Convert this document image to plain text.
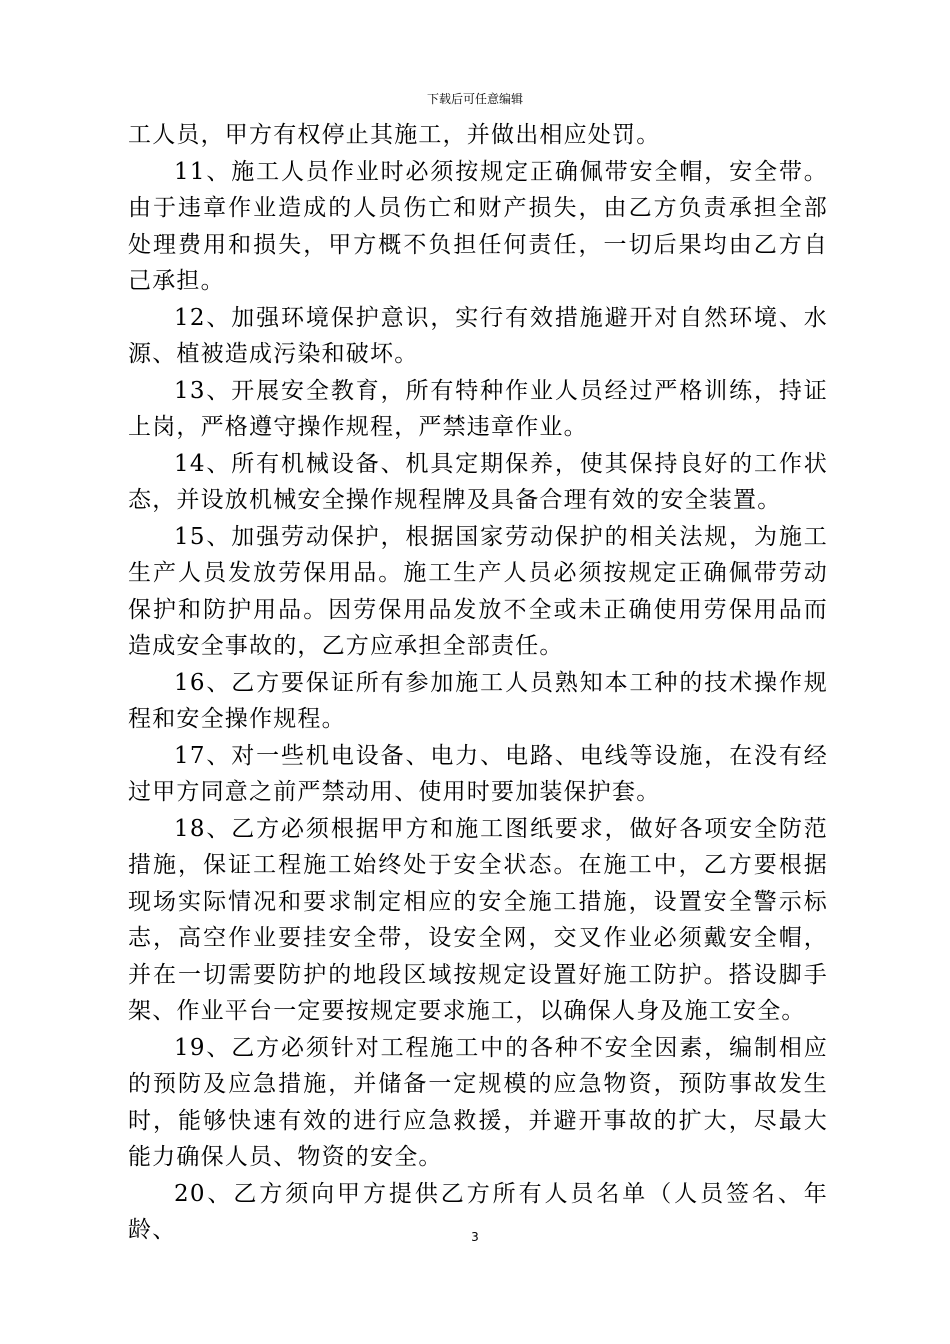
下载后可任意编辑

工人员，甲方有权停止其施工，并做出相应处罚。

11、施工人员作业时必须按规定正确佩带安全帽，安全带。由于违章作业造成的人员伤亡和财产损失，由乙方负责承担全部处理费用和损失，甲方概不负担任何责任，一切后果均由乙方自己承担。

12、加强环境保护意识，实行有效措施避开对自然环境、水源、植被造成污染和破坏。

13、开展安全教育，所有特种作业人员经过严格训练，持证上岗，严格遵守操作规程，严禁违章作业。

14、所有机械设备、机具定期保养，使其保持良好的工作状态，并设放机械安全操作规程牌及具备合理有效的安全装置。

15、加强劳动保护，根据国家劳动保护的相关法规，为施工生产人员发放劳保用品。施工生产人员必须按规定正确佩带劳动保护和防护用品。因劳保用品发放不全或未正确使用劳保用品而造成安全事故的，乙方应承担全部责任。

16、乙方要保证所有参加施工人员熟知本工种的技术操作规程和安全操作规程。

17、对一些机电设备、电力、电路、电线等设施，在没有经过甲方同意之前严禁动用、使用时要加装保护套。

18、乙方必须根据甲方和施工图纸要求，做好各项安全防范措施，保证工程施工始终处于安全状态。在施工中，乙方要根据现场实际情况和要求制定相应的安全施工措施，设置安全警示标志，高空作业要挂安全带，设安全网，交叉作业必须戴安全帽，并在一切需要防护的地段区域按规定设置好施工防护。搭设脚手架、作业平台一定要按规定要求施工，以确保人身及施工安全。

19、乙方必须针对工程施工中的各种不安全因素，编制相应的预防及应急措施，并储备一定规模的应急物资，预防事故发生时，能够快速有效的进行应急救援，并避开事故的扩大，尽最大能力确保人员、物资的安全。

20、乙方须向甲方提供乙方所有人员名单（人员签名、年龄、	3
